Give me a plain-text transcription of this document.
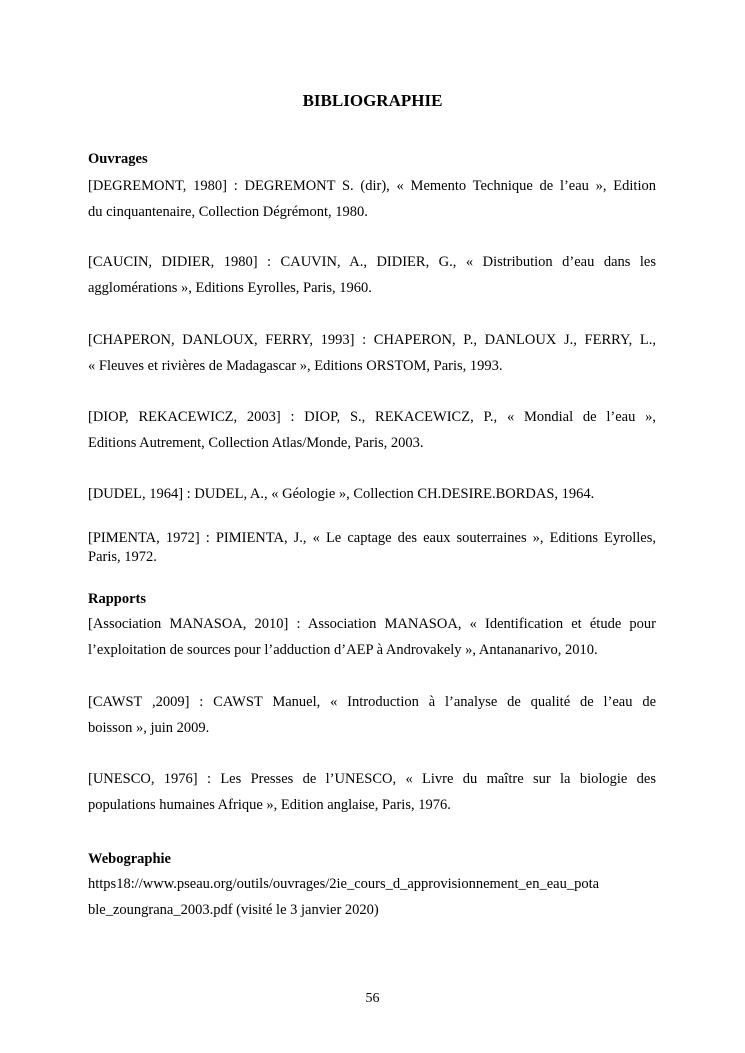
BIBLIOGRAPHIE
Ouvrages
[DEGREMONT, 1980] : DEGREMONT S. (dir), « Memento Technique de l’eau », Edition
du cinquantenaire, Collection Dégrémont, 1980.
[CAUCIN, DIDIER, 1980] : CAUVIN, A., DIDIER, G., « Distribution d’eau dans les
agglomérations », Editions Eyrolles, Paris, 1960.
[CHAPERON, DANLOUX, FERRY, 1993] : CHAPERON, P., DANLOUX J., FERRY, L.,
« Fleuves et rivières de Madagascar », Editions ORSTOM, Paris, 1993.
[DIOP, REKACEWICZ, 2003] : DIOP, S., REKACEWICZ, P., « Mondial de l’eau »,
Editions Autrement, Collection Atlas/Monde, Paris, 2003.
[DUDEL, 1964] : DUDEL, A., « Géologie », Collection CH.DESIRE.BORDAS, 1964.
[PIMENTA, 1972] : PIMIENTA, J., « Le captage des eaux souterraines », Editions Eyrolles,
Paris, 1972.
Rapports
[Association MANASOA, 2010] : Association MANASOA, « Identification et étude pour
l’exploitation de sources pour l’adduction d’AEP à Androvakely », Antananarivo, 2010.
[CAWST ,2009] : CAWST Manuel, « Introduction à l’analyse de qualité de l’eau de
boisson », juin 2009.
[UNESCO, 1976] : Les Presses de l’UNESCO, « Livre du maître sur la biologie des
populations humaines Afrique », Edition anglaise, Paris, 1976.
Webographie
https18://www.pseau.org/outils/ouvrages/2ie_cours_d_approvisionnement_en_eau_pota
ble_zoungrana_2003.pdf (visité le 3 janvier 2020)
56
